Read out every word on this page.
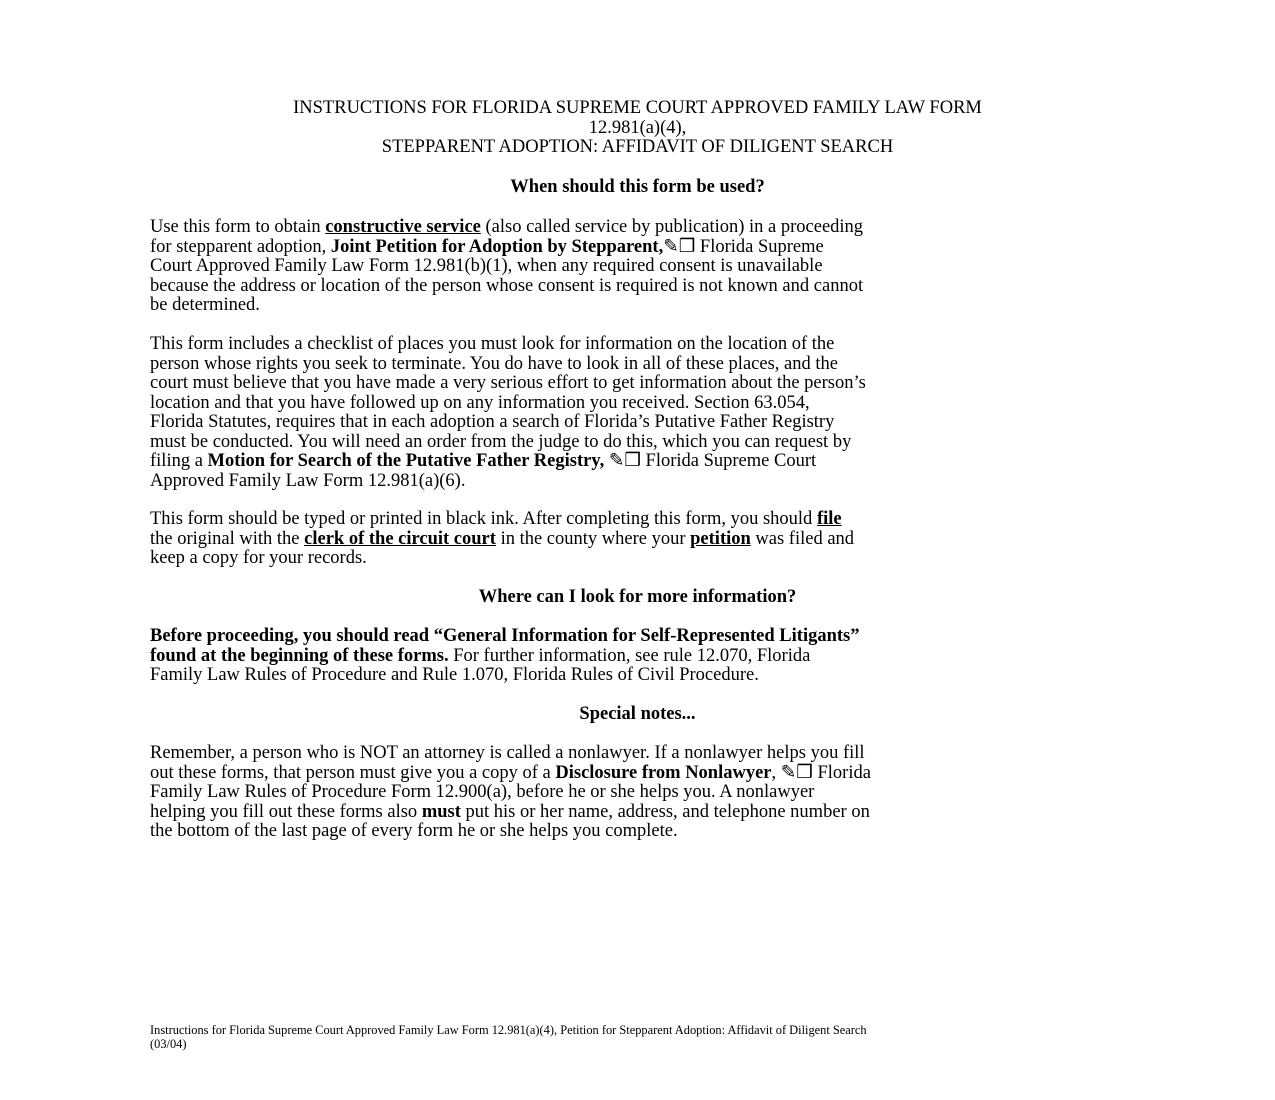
INSTRUCTIONS FOR FLORIDA SUPREME COURT APPROVED FAMILY LAW FORM
12.981(a)(4),
STEPPARENT ADOPTION: AFFIDAVIT OF DILIGENT SEARCH
When should this form be used?
Use this form to obtain constructive service (also called service by publication) in a proceeding
for stepparent adoption, Joint Petition for Adoption by Stepparent,✎❒ Florida Supreme
Court Approved Family Law Form 12.981(b)(1), when any required consent is unavailable
because the address or location of the person whose consent is required is not known and cannot
be determined.
This form includes a checklist of places you must look for information on the location of the
person whose rights you seek to terminate. You do have to look in all of these places, and the
court must believe that you have made a very serious effort to get information about the person’s
location and that you have followed up on any information you received. Section 63.054,
Florida Statutes, requires that in each adoption a search of Florida’s Putative Father Registry
must be conducted. You will need an order from the judge to do this, which you can request by
filing a Motion for Search of the Putative Father Registry, ✎❒ Florida Supreme Court
Approved Family Law Form 12.981(a)(6).
This form should be typed or printed in black ink. After completing this form, you should file
the original with the clerk of the circuit court in the county where your petition was filed and
keep a copy for your records.
Where can I look for more information?
Before proceeding, you should read “General Information for Self-Represented Litigants”
found at the beginning of these forms. For further information, see rule 12.070, Florida
Family Law Rules of Procedure and Rule 1.070, Florida Rules of Civil Procedure.
Special notes...
Remember, a person who is NOT an attorney is called a nonlawyer. If a nonlawyer helps you fill
out these forms, that person must give you a copy of a Disclosure from Nonlawyer, ✎❒ Florida
Family Law Rules of Procedure Form 12.900(a), before he or she helps you. A nonlawyer
helping you fill out these forms also must put his or her name, address, and telephone number on
the bottom of the last page of every form he or she helps you complete.
Instructions for Florida Supreme Court Approved Family Law Form 12.981(a)(4), Petition for Stepparent Adoption: Affidavit of Diligent Search
(03/04)
